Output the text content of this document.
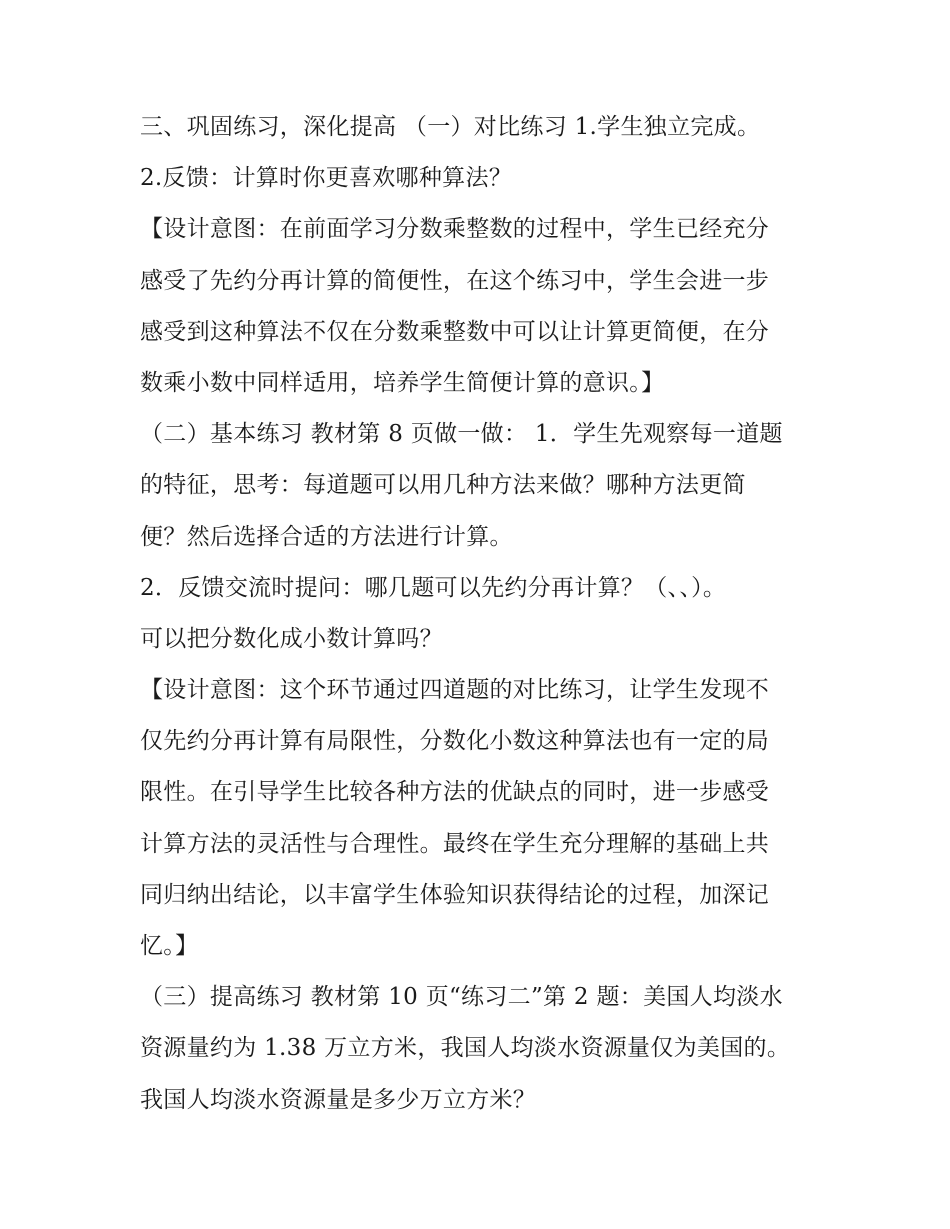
三、巩固练习，深化提高 （一）对比练习 1.学生独立完成。
2.反馈：计算时你更喜欢哪种算法？
【设计意图：在前面学习分数乘整数的过程中，学生已经充分
感受了先约分再计算的简便性，在这个练习中，学生会进一步
感受到这种算法不仅在分数乘整数中可以让计算更简便，在分
数乘小数中同样适用，培养学生简便计算的意识。】
（二）基本练习 教材第 8 页做一做： 1．学生先观察每一道题
的特征，思考：每道题可以用几种方法来做？哪种方法更简
便？然后选择合适的方法进行计算。
2．反馈交流时提问：哪几题可以先约分再计算？（、、）。
可以把分数化成小数计算吗？
【设计意图：这个环节通过四道题的对比练习，让学生发现不
仅先约分再计算有局限性，分数化小数这种算法也有一定的局
限性。在引导学生比较各种方法的优缺点的同时，进一步感受
计算方法的灵活性与合理性。最终在学生充分理解的基础上共
同归纳出结论，以丰富学生体验知识获得结论的过程，加深记
忆。】
（三）提高练习 教材第 10 页“练习二”第 2 题：美国人均淡水
资源量约为 1.38 万立方米，我国人均淡水资源量仅为美国的。
我国人均淡水资源量是多少万立方米？
